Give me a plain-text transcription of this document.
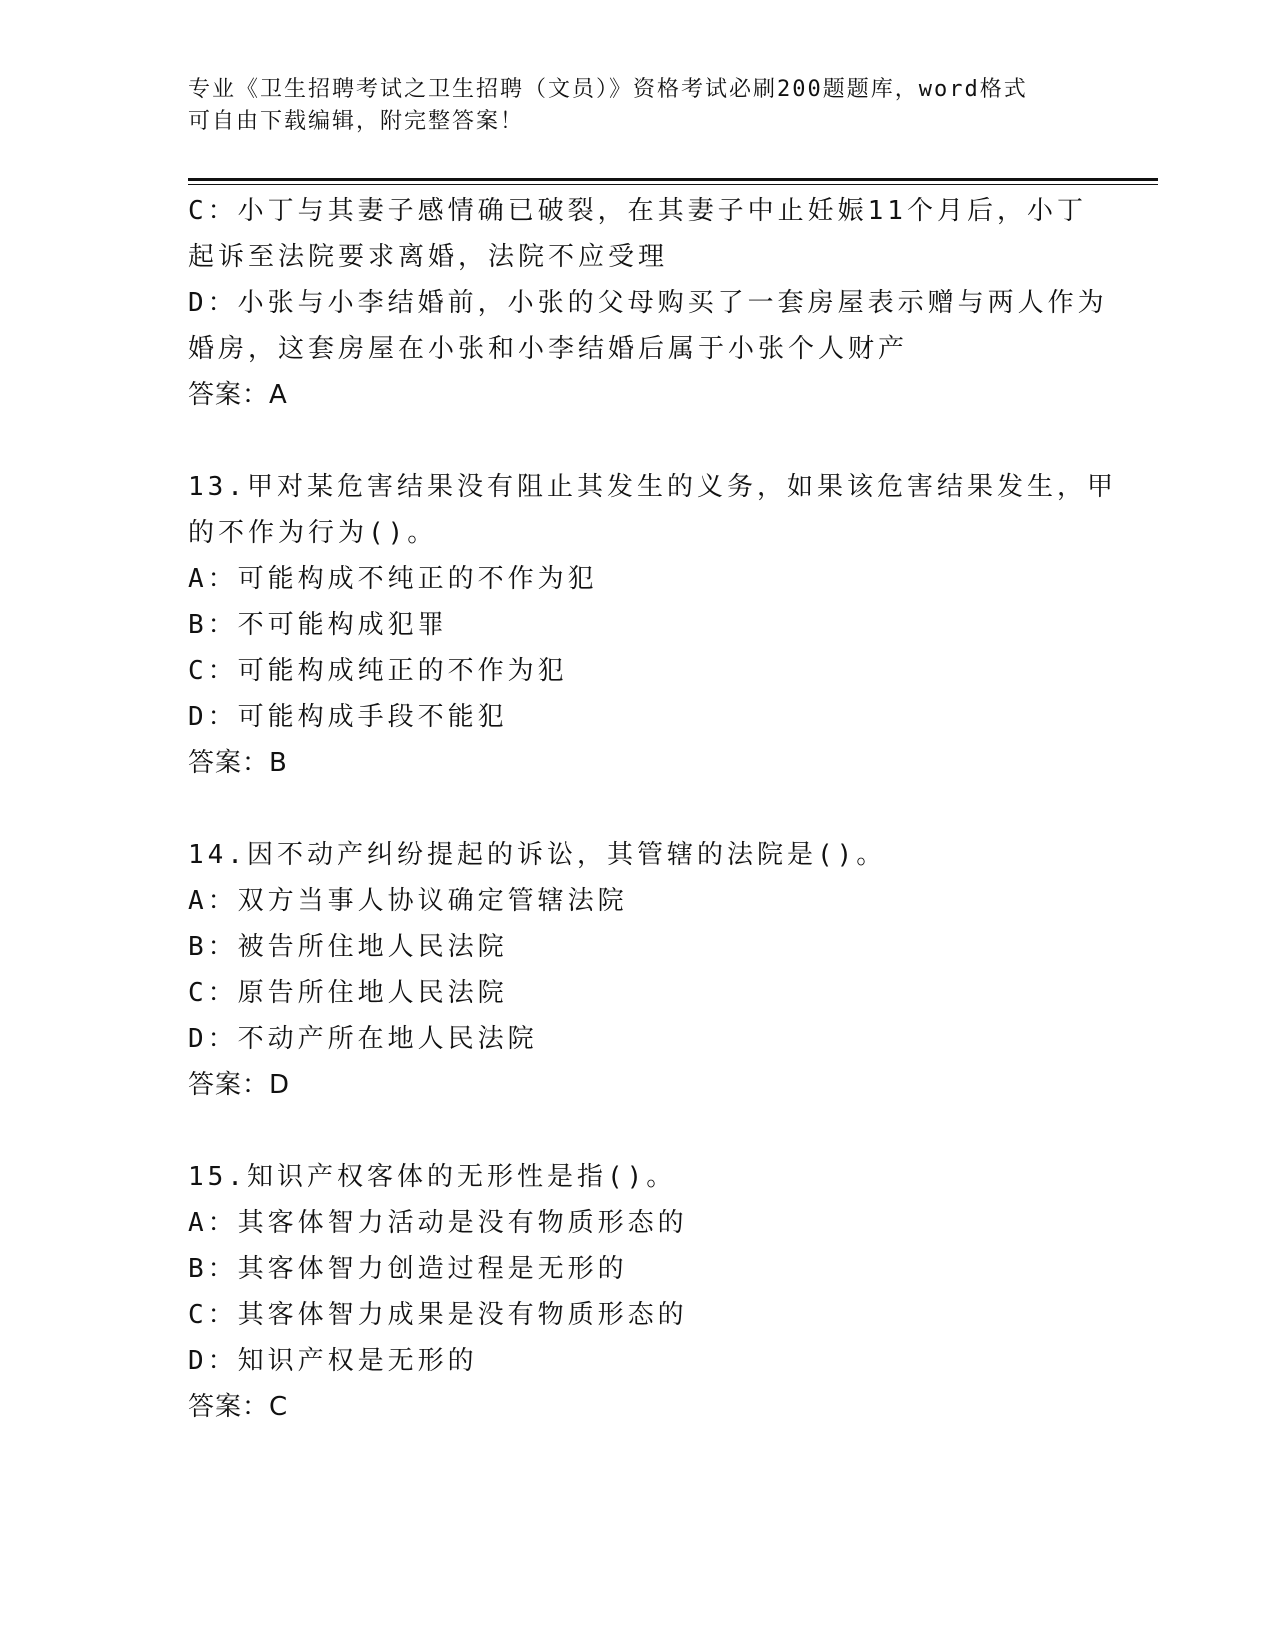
专业《卫生招聘考试之卫生招聘（文员）》资格考试必刷200题题库，word格式
可自由下载编辑，附完整答案！
C：小丁与其妻子感情确已破裂，在其妻子中止妊娠11个月后，小丁
起诉至法院要求离婚，法院不应受理
D：小张与小李结婚前，小张的父母购买了一套房屋表示赠与两人作为
婚房，这套房屋在小张和小李结婚后属于小张个人财产
答案：A
13.甲对某危害结果没有阻止其发生的义务，如果该危害结果发生，甲
的不作为行为()。
A：可能构成不纯正的不作为犯
B：不可能构成犯罪
C：可能构成纯正的不作为犯
D：可能构成手段不能犯
答案：B
14.因不动产纠纷提起的诉讼，其管辖的法院是()。
A：双方当事人协议确定管辖法院
B：被告所住地人民法院
C：原告所住地人民法院
D：不动产所在地人民法院
答案：D
15.知识产权客体的无形性是指()。
A：其客体智力活动是没有物质形态的
B：其客体智力创造过程是无形的
C：其客体智力成果是没有物质形态的
D：知识产权是无形的
答案：C
